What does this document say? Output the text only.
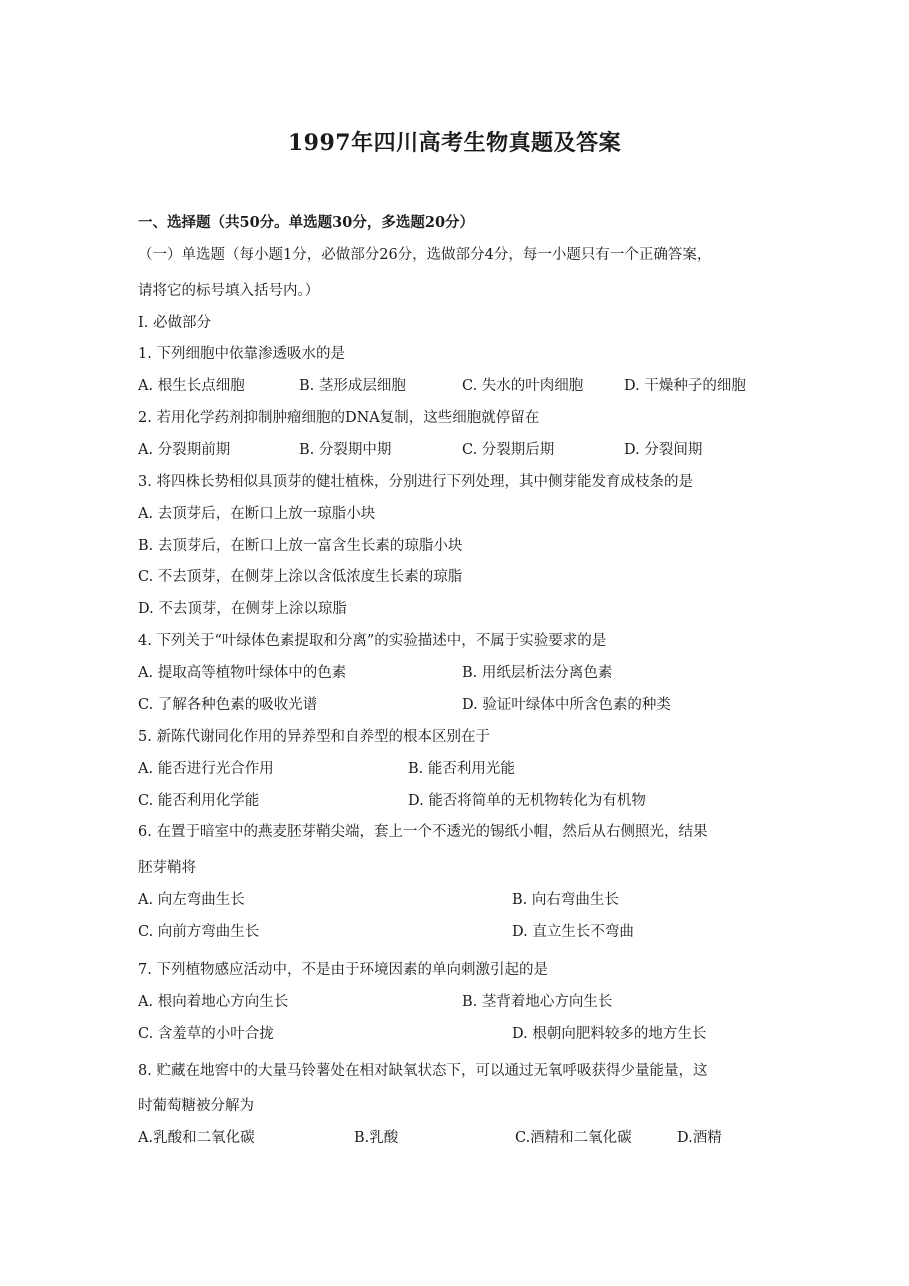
1997年四川高考生物真题及答案
一、选择题（共50分。单选题30分，多选题20分）
（一）单选题（每小题1分，必做部分26分，选做部分4分，每一小题只有一个正确答案，
请将它的标号填入括号内。）
I. 必做部分
1. 下列细胞中依靠渗透吸水的是
A. 根生长点细胞	B. 茎形成层细胞	C. 失水的叶肉细胞	D. 干燥种子的细胞
2. 若用化学药剂抑制肿瘤细胞的DNA复制，这些细胞就停留在
A. 分裂期前期	B. 分裂期中期	C. 分裂期后期	D. 分裂间期
3. 将四株长势相似具顶芽的健壮植株，分别进行下列处理，其中侧芽能发育成枝条的是
A. 去顶芽后，在断口上放一琼脂小块
B. 去顶芽后，在断口上放一富含生长素的琼脂小块
C. 不去顶芽，在侧芽上涂以含低浓度生长素的琼脂
D. 不去顶芽，在侧芽上涂以琼脂
4. 下列关于“叶绿体色素提取和分离”的实验描述中，不属于实验要求的是
A. 提取高等植物叶绿体中的色素	B. 用纸层析法分离色素
C. 了解各种色素的吸收光谱	D. 验证叶绿体中所含色素的种类
5. 新陈代谢同化作用的异养型和自养型的根本区别在于
A. 能否进行光合作用	B. 能否利用光能
C. 能否利用化学能	D. 能否将简单的无机物转化为有机物
6. 在置于暗室中的燕麦胚芽鞘尖端，套上一个不透光的锡纸小帽，然后从右侧照光，结果
胚芽鞘将
A. 向左弯曲生长	B. 向右弯曲生长
C. 向前方弯曲生长	D. 直立生长不弯曲
7. 下列植物感应活动中，不是由于环境因素的单向刺激引起的是
A. 根向着地心方向生长	B. 茎背着地心方向生长
C. 含羞草的小叶合拢	D. 根朝向肥料较多的地方生长
8. 贮藏在地窖中的大量马铃薯处在相对缺氧状态下，可以通过无氧呼吸获得少量能量，这
时葡萄糖被分解为
A.乳酸和二氧化碳	B.乳酸	C.酒精和二氧化碳	D.酒精
